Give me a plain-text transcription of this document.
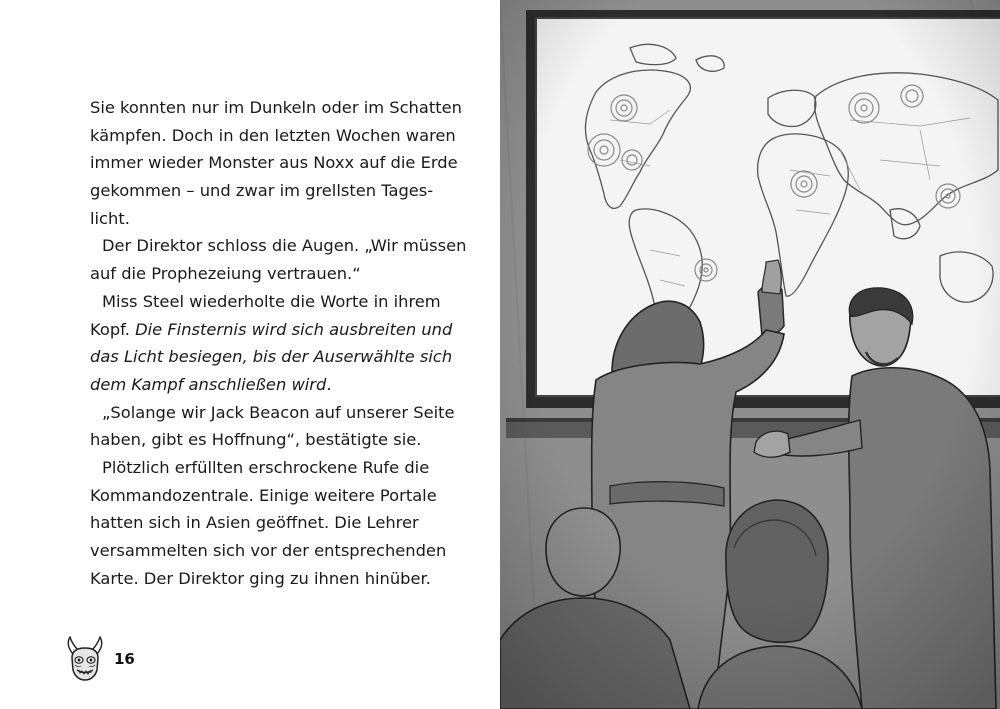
Sie konnten nur im Dunkeln oder im Schatten
kämpfen. Doch in den letzten Wochen waren
immer wieder Monster aus Noxx auf die Erde
gekommen – und zwar im grellsten Tages-
licht.
Der Direktor schloss die Augen. „Wir müssen
auf die Prophezeiung vertrauen.“
Miss Steel wiederholte die Worte in ihrem
Kopf. Die Finsternis wird sich ausbreiten und
das Licht besiegen, bis der Auserwählte sich
dem Kampf anschließen wird.
„Solange wir Jack Beacon auf unserer Seite
haben, gibt es Hoffnung“, bestätigte sie.
Plötzlich erfüllten erschrockene Rufe die
Kommandozentrale. Einige weitere Portale
hatten sich in Asien geöffnet. Die Lehrer
versammelten sich vor der entsprechenden
Karte. Der Direktor ging zu ihnen hinüber.
16
